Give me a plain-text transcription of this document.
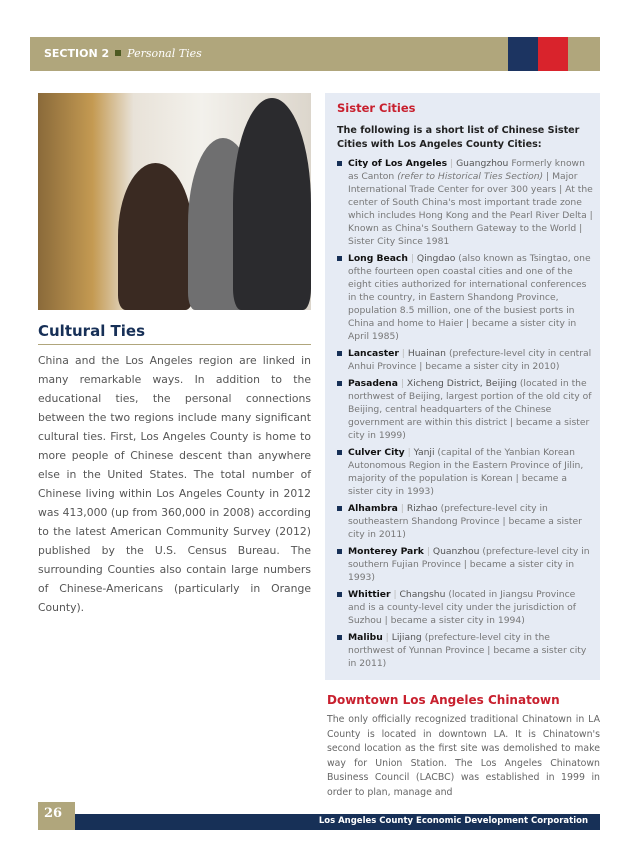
SECTION 2 Personal Ties
Cultural Ties

China and the Los Angeles region are linked in many remarkable ways. In addition to the educational ties, the personal connections between the two regions include many significant cultural ties. First, Los Angeles County is home to more people of Chinese descent than anywhere else in the United States. The total number of Chinese living within Los Angeles County in 2012 was 413,000 (up from 360,000 in 2008) according to the latest American Community Survey (2012) published by the U.S. Census Bureau. The surrounding Counties also contain large numbers of Chinese-Americans (particularly in Orange County).

Sister Cities
The following is a short list of Chinese Sister Cities with Los Angeles County Cities:
City of Los Angeles | Guangzhou Formerly known as Canton (refer to Historical Ties Section) | Major International Trade Center for over 300 years | At the center of South China's most important trade zone which includes Hong Kong and the Pearl River Delta | Known as China's Southern Gateway to the World | Sister City Since 1981
Long Beach | Qingdao (also known as Tsingtao, one ofthe fourteen open coastal cities and one of the eight cities authorized for international conferences in the country, in Eastern Shandong Province, population 8.5 million, one of the busiest ports in China and home to Haier | became a sister city in April 1985)
Lancaster | Huainan (prefecture-level city in central Anhui Province | became a sister city in 2010)
Pasadena | Xicheng District, Beijing (located in the northwest of Beijing, largest portion of the old city of Beijing, central headquarters of the Chinese government are within this district | became a sister city in 1999)
Culver City | Yanji (capital of the Yanbian Korean Autonomous Region in the Eastern Province of Jilin, majority of the population is Korean | became a sister city in 1993)
Alhambra | Rizhao (prefecture-level city in southeastern Shandong Province | became a sister city in 2011)
Monterey Park | Quanzhou (prefecture-level city in southern Fujian Province | became a sister city in 1993)
Whittier | Changshu (located in Jiangsu Province and is a county-level city under the jurisdiction of Suzhou | became a sister city in 1994)
Malibu | Lijiang (prefecture-level city in the northwest of Yunnan Province | became a sister city in 2011)
Downtown Los Angeles Chinatown

The only officially recognized traditional Chinatown in LA County is located in downtown LA. It is Chinatown's second location as the first site was demolished to make way for Union Station. The Los Angeles Chinatown Business Council (LACBC) was established in 1999 in order to plan, manage and

26	Los Angeles County Economic Development Corporation
